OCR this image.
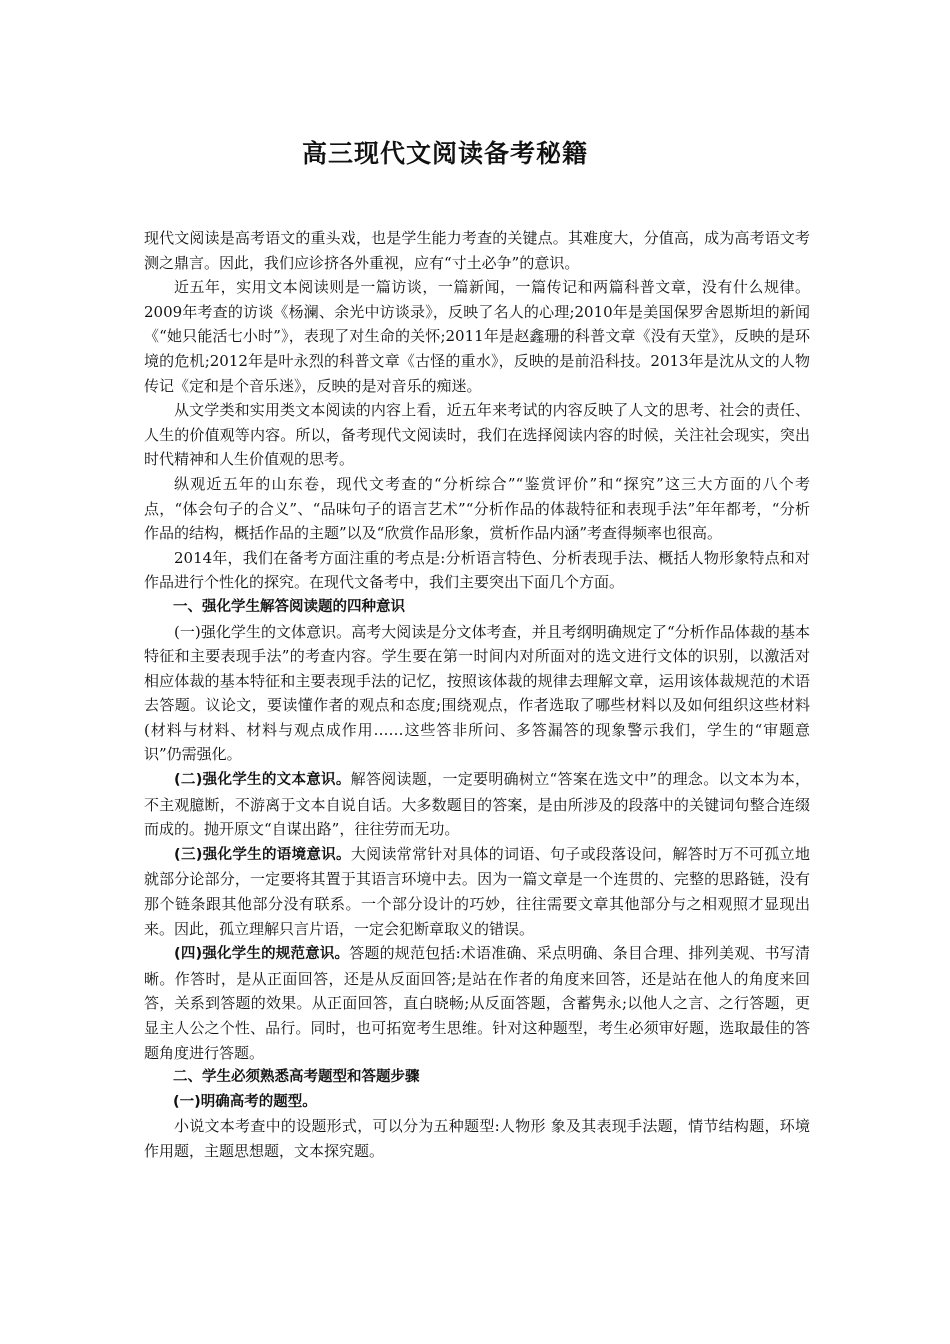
高三现代文阅读备考秘籍

现代文阅读是高考语文的重头戏，也是学生能力考查的关键点。其难度大，分值高，成为高考语文考测之鼎言。因此，我们应诊挤各外重视，应有“寸土必争”的意识。

近五年，实用文本阅读则是一篇访谈，一篇新闻，一篇传记和两篇科普文章，没有什么规律。2009年考查的访谈《杨澜、余光中访谈录》，反映了名人的心理;2010年是美国保罗舍恩斯坦的新闻《“她只能活七小时”》，表现了对生命的关怀;2011年是赵鑫珊的科普文章《没有天堂》，反映的是环境的危机;2012年是叶永烈的科普文章《古怪的重水》，反映的是前沿科技。2013年是沈从文的人物传记《定和是个音乐迷》，反映的是对音乐的痴迷。

从文学类和实用类文本阅读的内容上看，近五年来考试的内容反映了人文的思考、社会的责任、人生的价值观等内容。所以，备考现代文阅读时，我们在选择阅读内容的时候，关注社会现实，突出时代精神和人生价值观的思考。

纵观近五年的山东卷，现代文考查的“分析综合”“鉴赏评价”和“探究”这三大方面的八个考点，“体会句子的合义”、“品味句子的语言艺术”“分析作品的体裁特征和表现手法”年年都考，“分析作品的结构，概括作品的主题”以及“欣赏作品形象，赏析作品内涵”考查得频率也很高。

2014年，我们在备考方面注重的考点是:分析语言特色、分析表现手法、概括人物形象特点和对作品进行个性化的探究。在现代文备考中，我们主要突出下面几个方面。

一、强化学生解答阅读题的四种意识

(一)强化学生的文体意识。高考大阅读是分文体考查，并且考纲明确规定了“分析作品体裁的基本特征和主要表现手法”的考查内容。学生要在第一时间内对所面对的选文进行文体的识别，以激活对相应体裁的基本特征和主要表现手法的记忆，按照该体裁的规律去理解文章，运用该体裁规范的术语去答题。议论文，要读懂作者的观点和态度;围绕观点，作者选取了哪些材料以及如何组织这些材料(材料与材料、材料与观点成作用……这些答非所问、多答漏答的现象警示我们，学生的“审题意识”仍需强化。

(二)强化学生的文本意识。解答阅读题，一定要明确树立“答案在选文中”的理念。以文本为本，不主观臆断，不游离于文本自说自话。大多数题目的答案，是由所涉及的段落中的关键词句整合连缀而成的。抛开原文“自谋出路”，往往劳而无功。

(三)强化学生的语境意识。大阅读常常针对具体的词语、句子或段落设问，解答时万不可孤立地就部分论部分，一定要将其置于其语言环境中去。因为一篇文章是一个连贯的、完整的思路链，没有那个链条跟其他部分没有联系。一个部分设计的巧妙，往往需要文章其他部分与之相观照才显现出来。因此，孤立理解只言片语，一定会犯断章取义的错误。

(四)强化学生的规范意识。答题的规范包括:术语准确、采点明确、条目合理、排列美观、书写清晰。作答时，是从正面回答，还是从反面回答;是站在作者的角度来回答，还是站在他人的角度来回答，关系到答题的效果。从正面回答，直白晓畅;从反面答题，含蓄隽永;以他人之言、之行答题，更显主人公之个性、品行。同时，也可拓宽考生思维。针对这种题型，考生必须审好题，选取最佳的答题角度进行答题。

二、学生必须熟悉高考题型和答题步骤

(一)明确高考的题型。

小说文本考查中的设题形式，可以分为五种题型:人物形 象及其表现手法题，情节结构题，环境作用题，主题思想题，文本探究题。
